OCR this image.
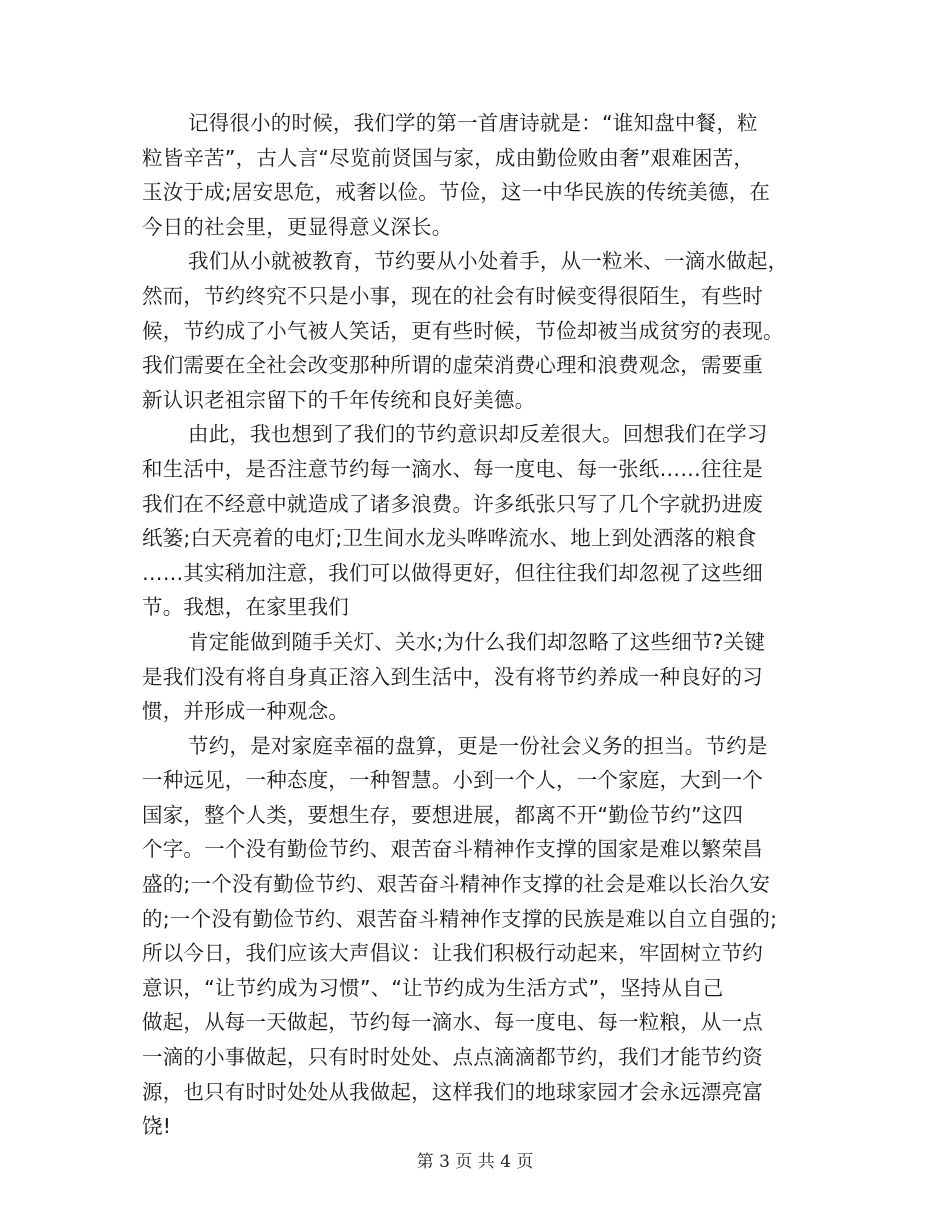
记得很小的时候，我们学的第一首唐诗就是：“谁知盘中餐，粒
粒皆辛苦”，古人言“尽览前贤国与家，成由勤俭败由奢”艰难困苦，
玉汝于成;居安思危，戒奢以俭。节俭，这一中华民族的传统美德，在
今日的社会里，更显得意义深长。
我们从小就被教育，节约要从小处着手，从一粒米、一滴水做起，
然而，节约终究不只是小事，现在的社会有时候变得很陌生，有些时
候，节约成了小气被人笑话，更有些时候，节俭却被当成贫穷的表现。
我们需要在全社会改变那种所谓的虚荣消费心理和浪费观念，需要重
新认识老祖宗留下的千年传统和良好美德。
由此，我也想到了我们的节约意识却反差很大。回想我们在学习
和生活中，是否注意节约每一滴水、每一度电、每一张纸……往往是
我们在不经意中就造成了诸多浪费。许多纸张只写了几个字就扔进废
纸篓;白天亮着的电灯;卫生间水龙头哗哗流水、地上到处洒落的粮食
……其实稍加注意，我们可以做得更好，但往往我们却忽视了这些细
节。我想，在家里我们
肯定能做到随手关灯、关水;为什么我们却忽略了这些细节?关键
是我们没有将自身真正溶入到生活中，没有将节约养成一种良好的习
惯，并形成一种观念。
节约，是对家庭幸福的盘算，更是一份社会义务的担当。节约是
一种远见，一种态度，一种智慧。小到一个人，一个家庭，大到一个
国家，整个人类，要想生存，要想进展，都离不开“勤俭节约”这四
个字。一个没有勤俭节约、艰苦奋斗精神作支撑的国家是难以繁荣昌
盛的;一个没有勤俭节约、艰苦奋斗精神作支撑的社会是难以长治久安
的;一个没有勤俭节约、艰苦奋斗精神作支撑的民族是难以自立自强的;
所以今日，我们应该大声倡议：让我们积极行动起来，牢固树立节约
意识，“让节约成为习惯”、“让节约成为生活方式”，坚持从自己
做起，从每一天做起，节约每一滴水、每一度电、每一粒粮，从一点
一滴的小事做起，只有时时处处、点点滴滴都节约，我们才能节约资
源，也只有时时处处从我做起，这样我们的地球家园才会永远漂亮富
饶!
第 3 页 共 4 页
